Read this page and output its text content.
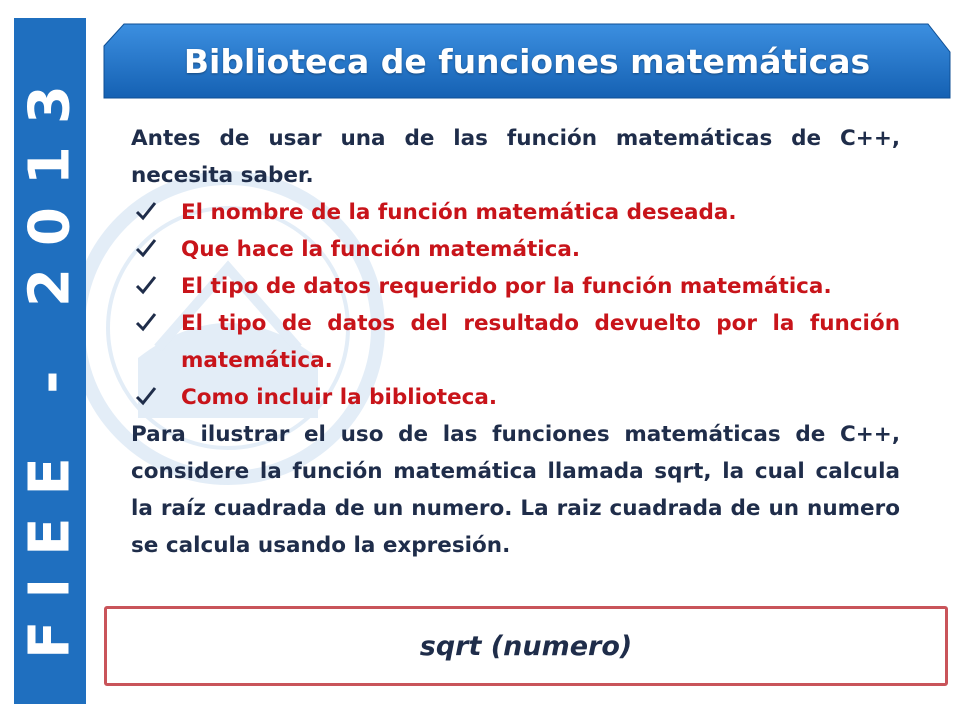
FIEE - 2013
Biblioteca de funciones matemáticas

Antes de usar una de las función matemáticas de C++, necesita saber.

El nombre de la función matemática deseada.
Que hace la función matemática.
El tipo de datos requerido por la función matemática.
El tipo de datos del resultado devuelto por la función matemática.
Como incluir la biblioteca.

Para ilustrar el uso de las funciones matemáticas de C++, considere la función matemática llamada sqrt, la cual calcula la raíz cuadrada de un numero. La raiz cuadrada de un numero se calcula usando la expresión.

sqrt (numero)
